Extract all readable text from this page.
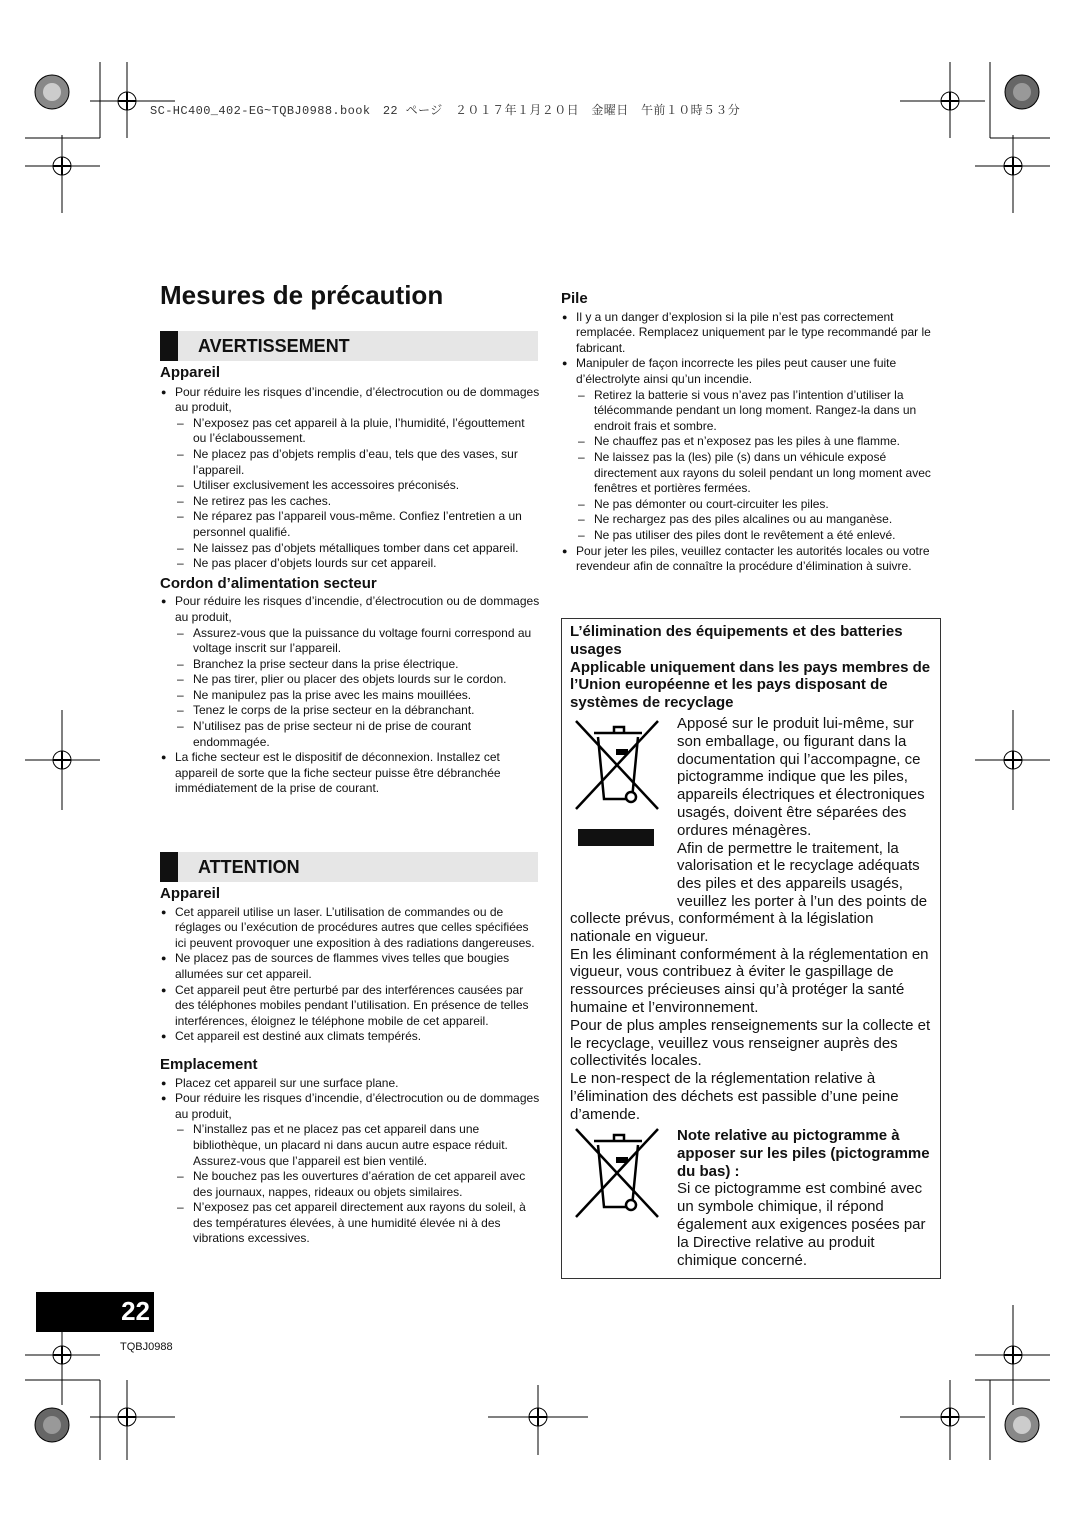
SC-HC400_402-EG~TQBJ0988.book　22 ページ　２０１７年１月２０日　金曜日　午前１０時５３分
Mesures de précaution
AVERTISSEMENT

Appareil

● Pour réduire les risques d’incendie, d’électrocution ou de dommages au produit,
– N’exposez pas cet appareil à la pluie, l’humidité, l’égouttement ou l’éclaboussement.
– Ne placez pas d’objets remplis d’eau, tels que des vases, sur l’appareil.
– Utiliser exclusivement les accessoires préconisés.
– Ne retirez pas les caches.
– Ne réparez pas l’appareil vous-même. Confiez l’entretien a un personnel qualifié.
– Ne laissez pas d’objets métalliques tomber dans cet appareil.
– Ne pas placer d’objets lourds sur cet appareil.

Cordon d’alimentation secteur

● Pour réduire les risques d’incendie, d’électrocution ou de dommages au produit,
– Assurez-vous que la puissance du voltage fourni correspond au voltage inscrit sur l’appareil.
– Branchez la prise secteur dans la prise électrique.
– Ne pas tirer, plier ou placer des objets lourds sur le cordon.
– Ne manipulez pas la prise avec les mains mouillées.
– Tenez le corps de la prise secteur en la débranchant.
– N’utilisez pas de prise secteur ni de prise de courant endommagée.
● La fiche secteur est le dispositif de déconnexion. Installez cet appareil de sorte que la fiche secteur puisse être débranchée immédiatement de la prise de courant.
ATTENTION

Appareil

● Cet appareil utilise un laser. L’utilisation de commandes ou de réglages ou l’exécution de procédures autres que celles spécifiées ici peuvent provoquer une exposition à des radiations dangereuses.
● Ne placez pas de sources de flammes vives telles que bougies allumées sur cet appareil.
● Cet appareil peut être perturbé par des interférences causées par des téléphones mobiles pendant l’utilisation. En présence de telles interférences, éloignez le téléphone mobile de cet appareil.
● Cet appareil est destiné aux climats tempérés.

Emplacement

● Placez cet appareil sur une surface plane.
● Pour réduire les risques d’incendie, d’électrocution ou de dommages au produit,
– N’installez pas et ne placez pas cet appareil dans une bibliothèque, un placard ni dans aucun autre espace réduit. Assurez-vous que l’appareil est bien ventilé.
– Ne bouchez pas les ouvertures d’aération de cet appareil avec des journaux, nappes, rideaux ou objets similaires.
– N’exposez pas cet appareil directement aux rayons du soleil, à des températures élevées, à une humidité élevée ni à des vibrations excessives.

Pile

● Il y a un danger d’explosion si la pile n’est pas correctement remplacée. Remplacez uniquement par le type recommandé par le fabricant.
● Manipuler de façon incorrecte les piles peut causer une fuite d’électrolyte ainsi qu’un incendie.
– Retirez la batterie si vous n’avez pas l’intention d’utiliser la télécommande pendant un long moment. Rangez-la dans un endroit frais et sombre.
– Ne chauffez pas et n’exposez pas les piles à une flamme.
– Ne laissez pas la (les) pile (s) dans un véhicule exposé directement aux rayons du soleil pendant un long moment avec fenêtres et portières fermées.
– Ne pas démonter ou court-circuiter les piles.
– Ne rechargez pas des piles alcalines ou au manganèse.
– Ne pas utiliser des piles dont le revêtement a été enlevé.
● Pour jeter les piles, veuillez contacter les autorités locales ou votre revendeur afin de connaître la procédure d’élimination à suivre.
L’élimination des équipements et des batteries usages
Applicable uniquement dans les pays membres de l’Union européenne et les pays disposant de systèmes de recyclage
Apposé sur le produit lui-même, sur son emballage, ou figurant dans la documentation qui l’accompagne, ce pictogramme indique que les piles, appareils électriques et électroniques usagés, doivent être séparées des ordures ménagères.
Afin de permettre le traitement, la valorisation et le recyclage adéquats des piles et des appareils usagés, veuillez les porter à l’un des points de
collecte prévus, conformément à la législation nationale en vigueur.
En les éliminant conformément à la réglementation en vigueur, vous contribuez à éviter le gaspillage de ressources précieuses ainsi qu’à protéger la santé humaine et l’environnement.
Pour de plus amples renseignements sur la collecte et le recyclage, veuillez vous renseigner auprès des collectivités locales.
Le non-respect de la réglementation relative à l’élimination des déchets est passible d’une peine d’amende.
Note relative au pictogramme à apposer sur les piles (pictogramme du bas) :
Si ce pictogramme est combiné avec un symbole chimique, il répond également aux exigences posées par la Directive relative au produit chimique concerné.
22
TQBJ0988
